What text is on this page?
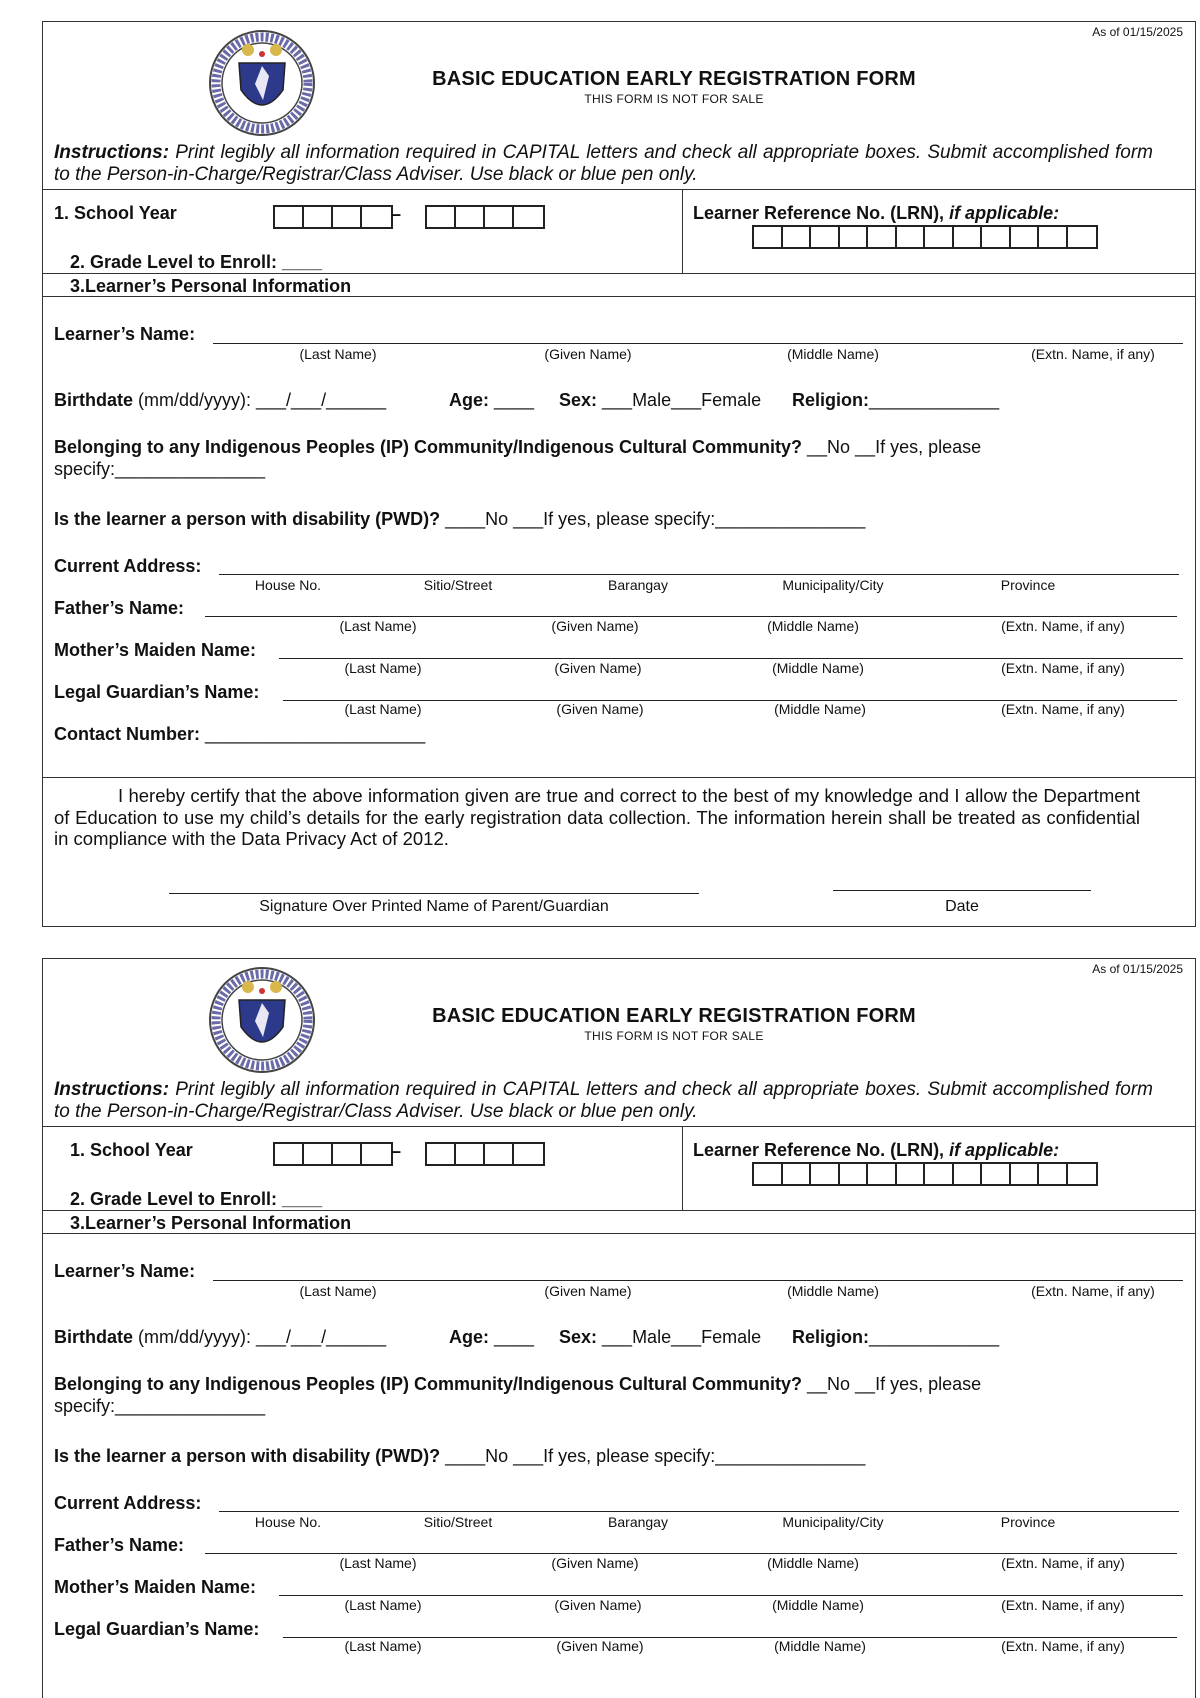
As of 01/15/2025
BASIC EDUCATION EARLY REGISTRATION FORM
THIS FORM IS NOT FOR SALE
Instructions: Print legibly all information required in CAPITAL letters and check all appropriate boxes. Submit accomplished form to the Person-in-Charge/Registrar/Class Adviser. Use black or blue pen only.
1. School Year	–	Learner Reference No. (LRN), if applicable:
2. Grade Level to Enroll: ____
3.Learner’s Personal Information
Learner’s Name:
(Last Name)	(Given Name)	(Middle Name)	(Extn. Name, if any)
Birthdate (mm/dd/yyyy): ___/___/______	Age: ____ Sex: ___Male___Female Religion:_____________
Belonging to any Indigenous Peoples (IP) Community/Indigenous Cultural Community? __No __If yes, please
specify:_______________
Is the learner a person with disability (PWD)? ____No ___If yes, please specify:_______________
Current Address:
House No.	Sitio/Street	Barangay	Municipality/City	Province
Father’s Name:
(Last Name)	(Given Name)	(Middle Name)	(Extn. Name, if any)
Mother’s Maiden Name:
(Last Name)	(Given Name)	(Middle Name)	(Extn. Name, if any)
Legal Guardian’s Name:
(Last Name)	(Given Name)	(Middle Name)	(Extn. Name, if any)
Contact Number: ______________________
I hereby certify that the above information given are true and correct to the best of my knowledge and I allow the Department of Education to use my child’s details for the early registration data collection. The information herein shall be treated as confidential in compliance with the Data Privacy Act of 2012.
Signature Over Printed Name of Parent/Guardian	Date
As of 01/15/2025
BASIC EDUCATION EARLY REGISTRATION FORM
THIS FORM IS NOT FOR SALE
Instructions: Print legibly all information required in CAPITAL letters and check all appropriate boxes. Submit accomplished form to the Person-in-Charge/Registrar/Class Adviser. Use black or blue pen only.
1. School Year	–	Learner Reference No. (LRN), if applicable:
2. Grade Level to Enroll: ____
3.Learner’s Personal Information
Learner’s Name:
(Last Name)	(Given Name)	(Middle Name)	(Extn. Name, if any)
Birthdate (mm/dd/yyyy): ___/___/______	Age: ____ Sex: ___Male___Female Religion:_____________
Belonging to any Indigenous Peoples (IP) Community/Indigenous Cultural Community? __No __If yes, please
specify:_______________
Is the learner a person with disability (PWD)? ____No ___If yes, please specify:_______________
Current Address:
House No.	Sitio/Street	Barangay	Municipality/City	Province
Father’s Name:
(Last Name)	(Given Name)	(Middle Name)	(Extn. Name, if any)
Mother’s Maiden Name:
(Last Name)	(Given Name)	(Middle Name)	(Extn. Name, if any)
Legal Guardian’s Name:
(Last Name)	(Given Name)	(Middle Name)	(Extn. Name, if any)
